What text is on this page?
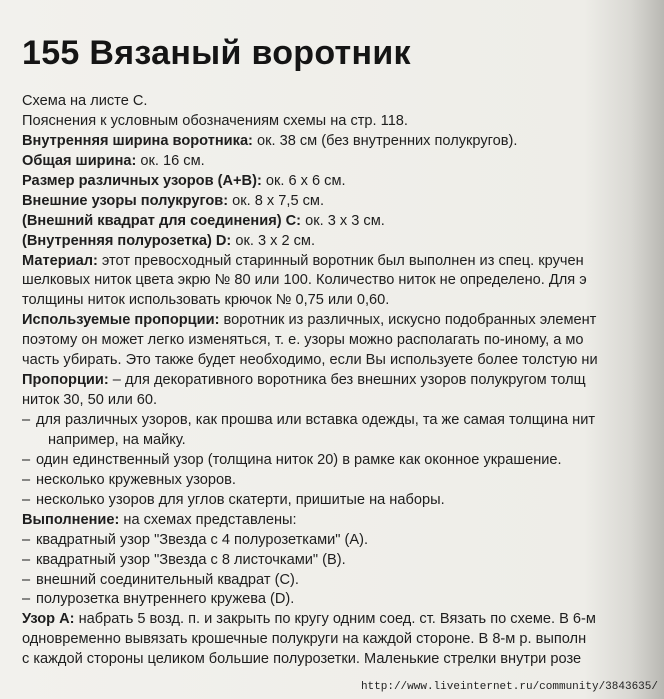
155 Вязаный воротник
Схема на листе С.
Пояснения к условным обозначениям схемы на стр. 118.
Внутренняя ширина воротника: ок. 38 см (без внутренних полукругов).
Общая ширина: ок. 16 см.
Размер различных узоров (А+В): ок. 6 х 6 см.
Внешние узоры полукругов: ок. 8 х 7,5 см.
(Внешний квадрат для соединения) С: ок. 3 х 3 см.
(Внутренняя полурозетка) D: ок. 3 х 2 см.
Материал: этот превосходный старинный воротник был выполнен из спец. кручен
шелковых ниток цвета экрю № 80 или 100. Количество ниток не определено. Для э
толщины ниток использовать крючок № 0,75 или 0,60.
Используемые пропорции: воротник из различных, искусно подобранных элемент
поэтому он может легко изменяться, т. е. узоры можно располагать по-иному, а мо
часть убирать. Это также будет необходимо, если Вы используете более толстую ни
Пропорции: – для декоративного воротника без внешних узоров полукругом толщ
ниток 30, 50 или 60.
– для различных узоров, как прошва или вставка одежды, та же самая толщина нит
например, на майку.
– один единственный узор (толщина ниток 20) в рамке как оконное украшение.
– несколько кружевных узоров.
– несколько узоров для углов скатерти, пришитые на наборы.
Выполнение: на схемах представлены:
– квадратный узор "Звезда с 4 полурозетками" (А).
– квадратный узор "Звезда с 8 листочками" (В).
– внешний соединительный квадрат (С).
– полурозетка внутреннего кружева (D).
Узор А: набрать 5 возд. п. и закрыть по кругу одним соед. ст. Вязать по схеме. В 6-м
одновременно вывязать крошечные полукруги на каждой стороне. В 8-м р. выполн
с каждой стороны целиком большие полурозетки. Маленькие стрелки внутри розе
http://www.liveinternet.ru/community/3843635/
